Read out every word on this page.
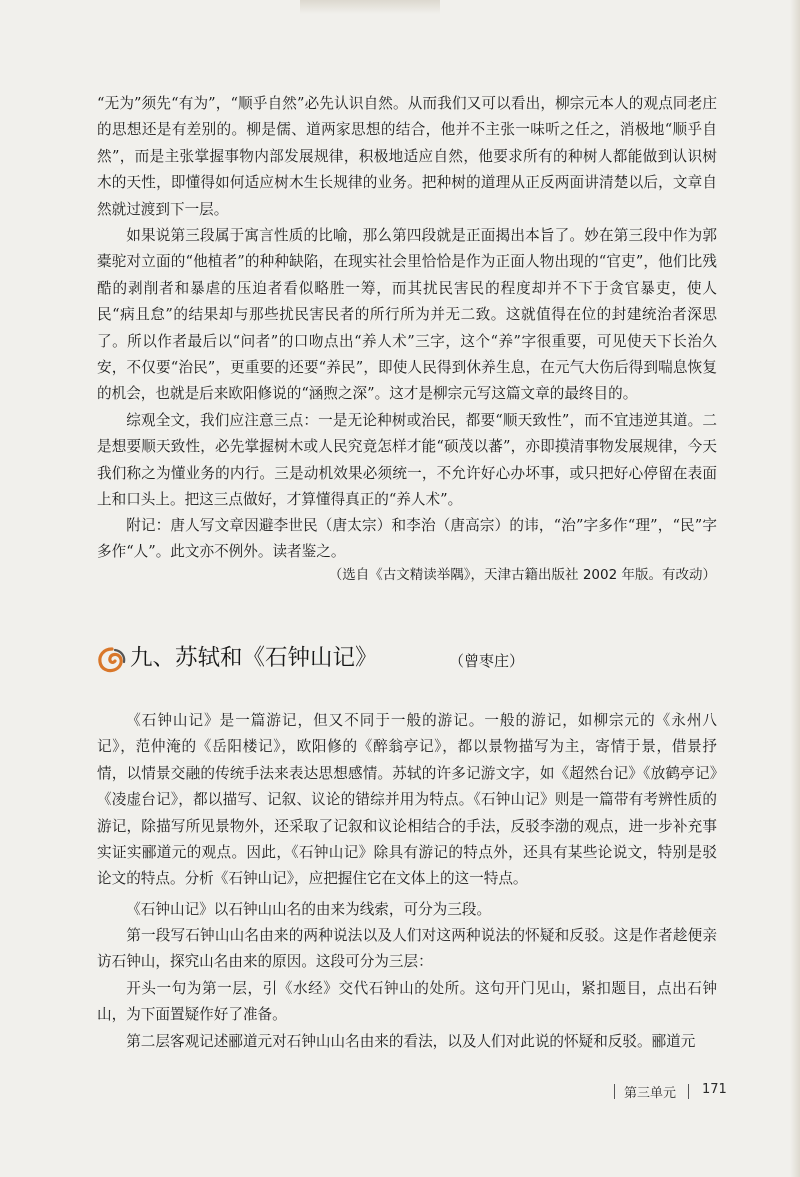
“无为”须先“有为”，“顺乎自然”必先认识自然。从而我们又可以看出，柳宗元本人的观点同老庄的思想还是有差别的。柳是儒、道两家思想的结合，他并不主张一味听之任之，消极地“顺乎自然”，而是主张掌握事物内部发展规律，积极地适应自然，他要求所有的种树人都能做到认识树木的天性，即懂得如何适应树木生长规律的业务。把种树的道理从正反两面讲清楚以后，文章自然就过渡到下一层。

如果说第三段属于寓言性质的比喻，那么第四段就是正面揭出本旨了。妙在第三段中作为郭橐驼对立面的“他植者”的种种缺陷，在现实社会里恰恰是作为正面人物出现的“官吏”，他们比残酷的剥削者和暴虐的压迫者看似略胜一筹，而其扰民害民的程度却并不下于贪官暴吏，使人民“病且怠”的结果却与那些扰民害民者的所行所为并无二致。这就值得在位的封建统治者深思了。所以作者最后以“问者”的口吻点出“养人术”三字，这个“养”字很重要，可见使天下长治久安，不仅要“治民”，更重要的还要“养民”，即使人民得到休养生息，在元气大伤后得到喘息恢复的机会，也就是后来欧阳修说的“涵煦之深”。这才是柳宗元写这篇文章的最终目的。

综观全文，我们应注意三点：一是无论种树或治民，都要“顺天致性”，而不宜违逆其道。二是想要顺天致性，必先掌握树木或人民究竟怎样才能“硕茂以蕃”，亦即摸清事物发展规律，今天我们称之为懂业务的内行。三是动机效果必须统一，不允许好心办坏事，或只把好心停留在表面上和口头上。把这三点做好，才算懂得真正的“养人术”。

附记：唐人写文章因避李世民（唐太宗）和李治（唐高宗）的讳，“治”字多作“理”，“民”字多作“人”。此文亦不例外。读者鉴之。

（选自《古文精读举隅》，天津古籍出版社 2002 年版。有改动）
九、苏轼和《石钟山记》	（曾枣庄）

《石钟山记》是一篇游记，但又不同于一般的游记。一般的游记，如柳宗元的《永州八记》，范仲淹的《岳阳楼记》，欧阳修的《醉翁亭记》，都以景物描写为主，寄情于景，借景抒情，以情景交融的传统手法来表达思想感情。苏轼的许多记游文字，如《超然台记》《放鹤亭记》《凌虚台记》，都以描写、记叙、议论的错综并用为特点。《石钟山记》则是一篇带有考辨性质的游记，除描写所见景物外，还采取了记叙和议论相结合的手法，反驳李渤的观点，进一步补充事实证实郦道元的观点。因此，《石钟山记》除具有游记的特点外，还具有某些论说文，特别是驳论文的特点。分析《石钟山记》，应把握住它在文体上的这一特点。

《石钟山记》以石钟山山名的由来为线索，可分为三段。

第一段写石钟山山名由来的两种说法以及人们对这两种说法的怀疑和反驳。这是作者趁便亲访石钟山，探究山名由来的原因。这段可分为三层：

开头一句为第一层，引《水经》交代石钟山的处所。这句开门见山，紧扣题目，点出石钟山，为下面置疑作好了准备。

第二层客观记述郦道元对石钟山山名由来的看法，以及人们对此说的怀疑和反驳。郦道元

第三单元 171
